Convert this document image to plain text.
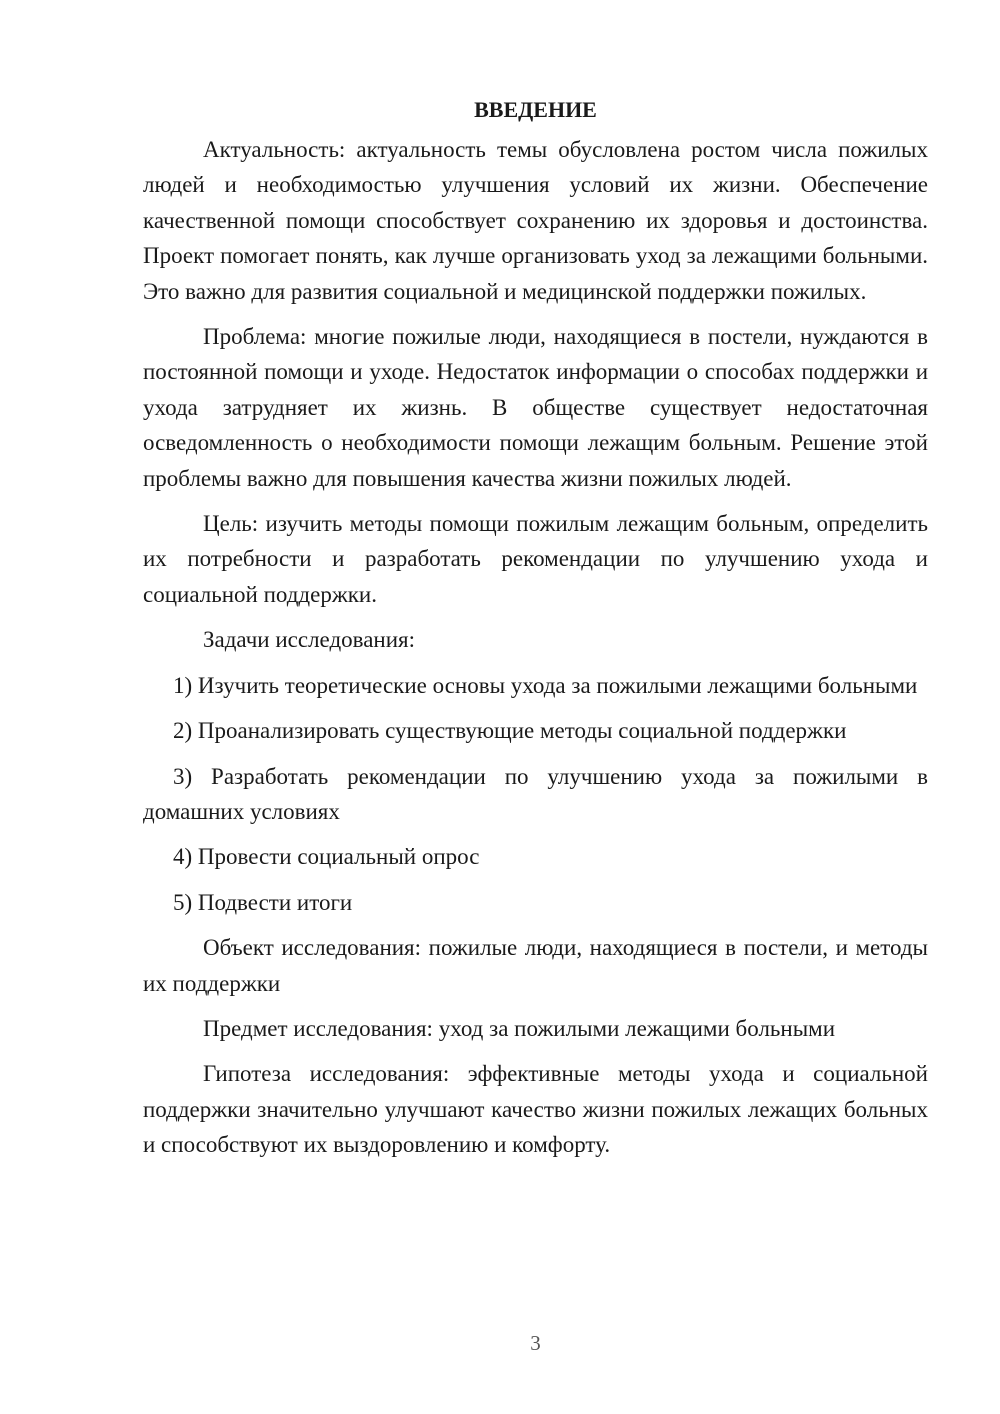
ВВЕДЕНИЕ

Актуальность: актуальность темы обусловлена ростом числа пожилых людей и необходимостью улучшения условий их жизни. Обеспечение качественной помощи способствует сохранению их здоровья и достоинства. Проект помогает понять, как лучше организовать уход за лежащими больными. Это важно для развития социальной и медицинской поддержки пожилых.

Проблема: многие пожилые люди, находящиеся в постели, нуждаются в постоянной помощи и уходе. Недостаток информации о способах поддержки и ухода затрудняет их жизнь. В обществе существует недостаточная осведомленность о необходимости помощи лежащим больным. Решение этой проблемы важно для повышения качества жизни пожилых людей.

Цель: изучить методы помощи пожилым лежащим больным, определить их потребности и разработать рекомендации по улучшению ухода и социальной поддержки.

Задачи исследования:

1) Изучить теоретические основы ухода за пожилыми лежащими больными

2) Проанализировать существующие методы социальной поддержки

3) Разработать рекомендации по улучшению ухода за пожилыми в домашних условиях

4) Провести социальный опрос

5) Подвести итоги

Объект исследования: пожилые люди, находящиеся в постели, и методы их поддержки

Предмет исследования: уход за пожилыми лежащими больными

Гипотеза исследования: эффективные методы ухода и социальной поддержки значительно улучшают качество жизни пожилых лежащих больных и способствуют их выздоровлению и комфорту.

3
